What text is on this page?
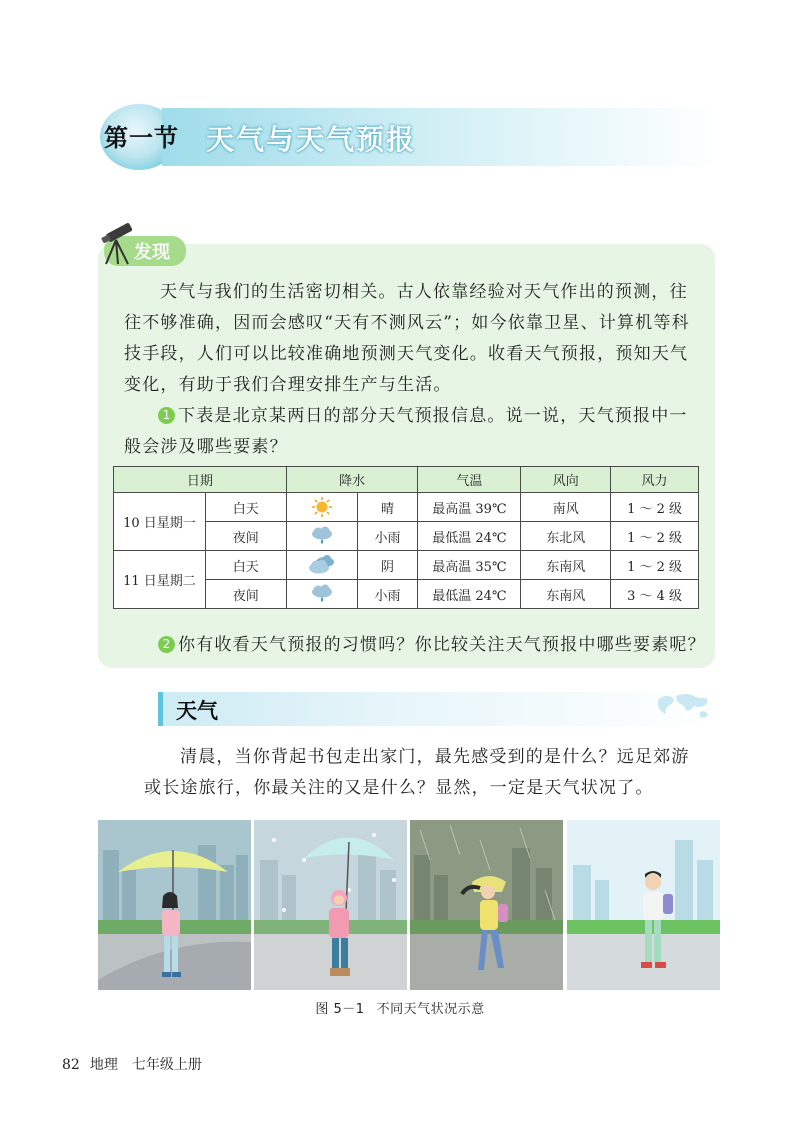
第一节 天气与天气预报
发现
天气与我们的生活密切相关。古人依靠经验对天气作出的预测，往
往不够准确，因而会感叹“天有不测风云”；如今依靠卫星、计算机等科
技手段，人们可以比较准确地预测天气变化。收看天气预报，预知天气
变化，有助于我们合理安排生产与生活。
1 下表是北京某两日的部分天气预报信息。说一说，天气预报中一
般会涉及哪些要素？
日期		降水		气温	风向	风力
10 日星期一	白天		晴	最高温 39℃	南风	1 ～ 2 级
	夜间		小雨	最低温 24℃	东北风	1 ～ 2 级
11 日星期二	白天		阴	最高温 35℃	东南风	1 ～ 2 级
	夜间		小雨	最低温 24℃	东南风	3 ～ 4 级
2 你有收看天气预报的习惯吗？你比较关注天气预报中哪些要素呢？
天气
清晨，当你背起书包走出家门，最先感受到的是什么？远足郊游
或长途旅行，你最关注的又是什么？显然，一定是天气状况了。
图 5－1 不同天气状况示意
82 地理 七年级上册
